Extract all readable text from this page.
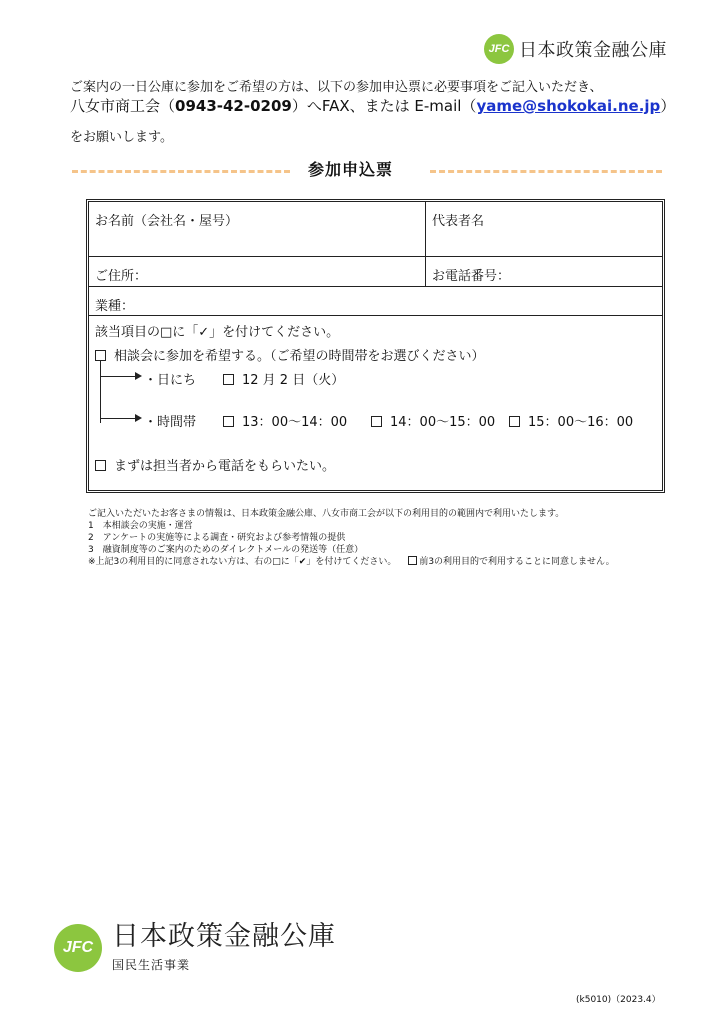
JFC 日本政策金融公庫
ご案内の一日公庫に参加をご希望の方は、以下の参加申込票に必要事項をご記入いただき、
八女市商工会（0943-42-0209）へFAX、または E-mail（yame@shokokai.ne.jp）
をお願いします。
参加申込票
お名前（会社名・屋号）	代表者名
ご住所：	お電話番号：
業種：
該当項目の□に「✓」を付けてください。
相談会に参加を希望する。（ご希望の時間帯をお選びください）
・日にち	12 月 2 日（火）
・時間帯	13：00～14：00	14：00～15：00	15：00～16：00
まずは担当者から電話をもらいたい。
ご記入いただいたお客さまの情報は、日本政策金融公庫、八女市商工会が以下の利用目的の範囲内で利用いたします。
1　本相談会の実施・運営
2　アンケートの実施等による調査・研究および参考情報の提供
3　融資制度等のご案内のためのダイレクトメールの発送等（任意）
※上記3の利用目的に同意されない方は、右の□に「✔」を付けてください。	前3の利用目的で利用することに同意しません。
JFC 日本政策金融公庫
国民生活事業
(k5010)（2023.4）
